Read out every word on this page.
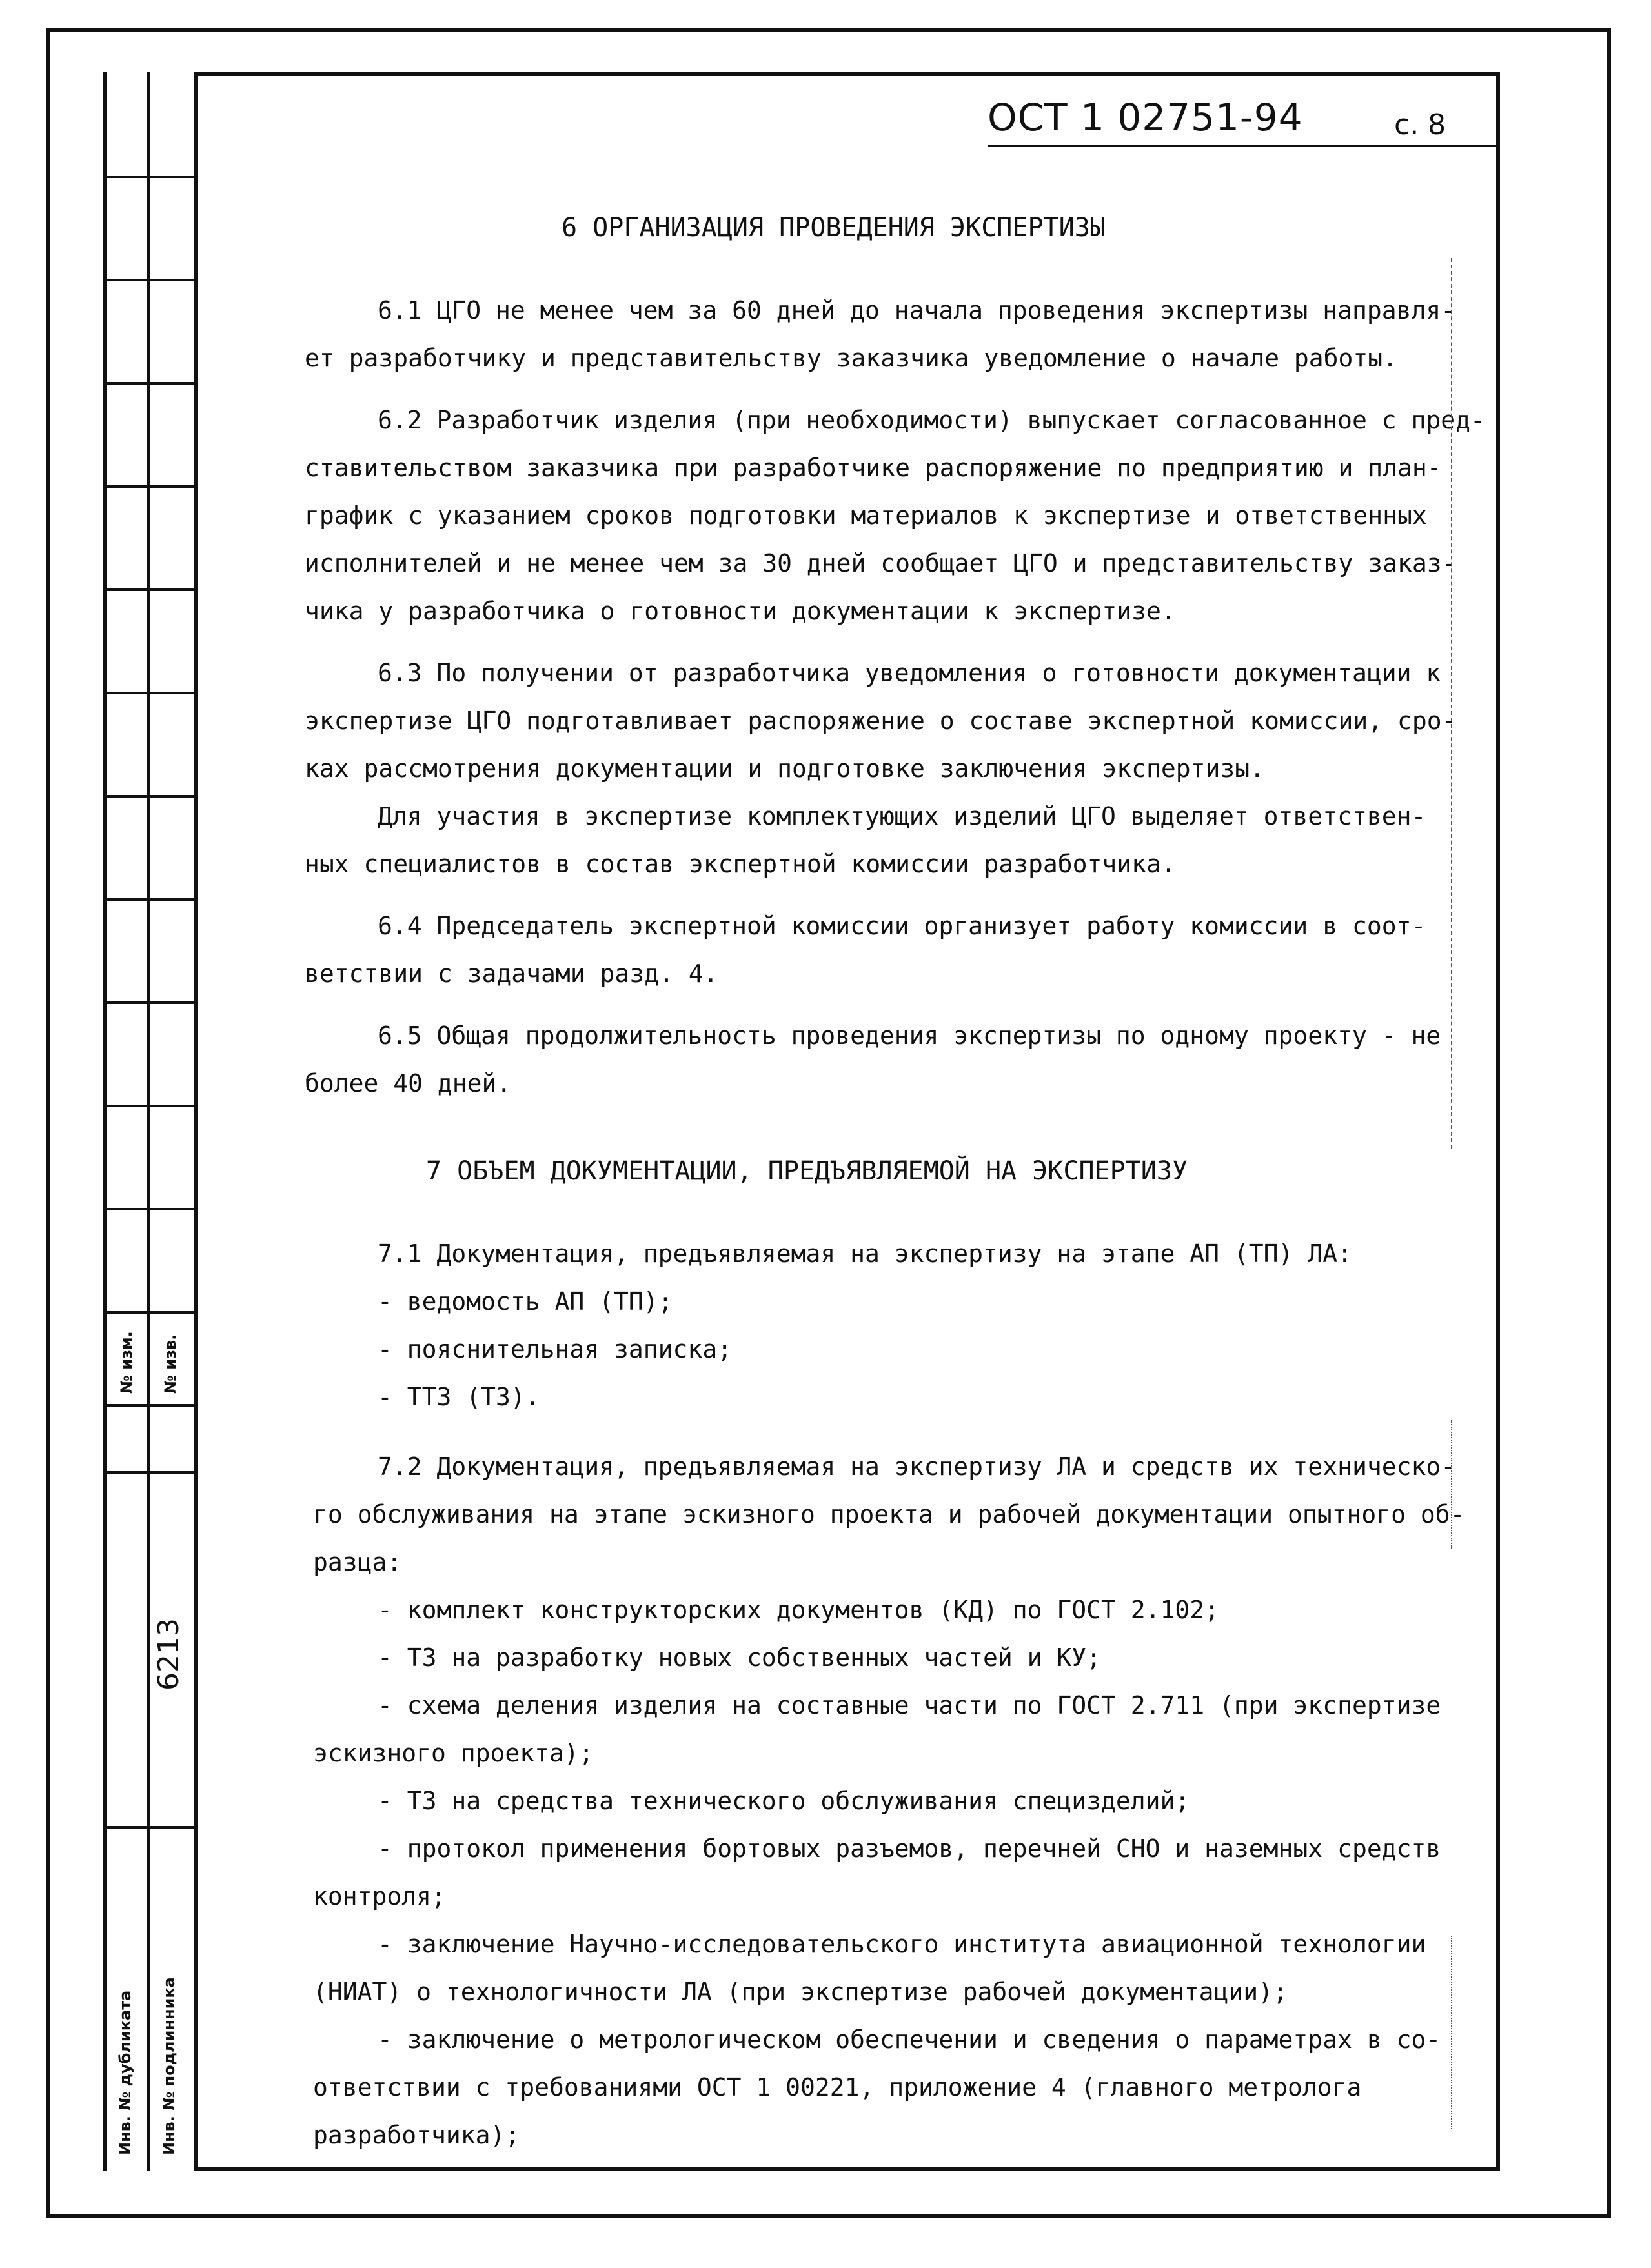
№ изм. № изв.
Инв. № дубликата Инв. № подлинника
6213
ОСТ 1 02751-94	с. 8
6 ОРГАНИЗАЦИЯ ПРОВЕДЕНИЯ ЭКСПЕРТИЗЫ
6.1 ЦГО не менее чем за 60 дней до начала проведения экспертизы направля-
ет разработчику и представительству заказчика уведомление о начале работы.
6.2 Разработчик изделия (при необходимости) выпускает согласованное с пред-
ставительством заказчика при разработчике распоряжение по предприятию и план-
график с указанием сроков подготовки материалов к экспертизе и ответственных
исполнителей и не менее чем за 30 дней сообщает ЦГО и представительству заказ-
чика у разработчика о готовности документации к экспертизе.
6.3 По получении от разработчика уведомления о готовности документации к
экспертизе ЦГО подготавливает распоряжение о составе экспертной комиссии, сро-
ках рассмотрения документации и подготовке заключения экспертизы.
Для участия в экспертизе комплектующих изделий ЦГО выделяет ответствен-
ных специалистов в состав экспертной комиссии разработчика.
6.4 Председатель экспертной комиссии организует работу комиссии в соот-
ветствии с задачами разд. 4.
6.5 Общая продолжительность проведения экспертизы по одному проекту - не
более 40 дней.
7 ОБЪЕМ ДОКУМЕНТАЦИИ, ПРЕДЪЯВЛЯЕМОЙ НА ЭКСПЕРТИЗУ
7.1 Документация, предъявляемая на экспертизу на этапе АП (ТП) ЛА:
- ведомость АП (ТП);
- пояснительная записка;
- ТТЗ (ТЗ).
7.2 Документация, предъявляемая на экспертизу ЛА и средств их техническо-
го обслуживания на этапе эскизного проекта и рабочей документации опытного об-
разца:
- комплект конструкторских документов (КД) по ГОСТ 2.102;
- ТЗ на разработку новых собственных частей и КУ;
- схема деления изделия на составные части по ГОСТ 2.711 (при экспертизе
эскизного проекта);
- ТЗ на средства технического обслуживания специзделий;
- протокол применения бортовых разъемов, перечней СНО и наземных средств
контроля;
- заключение Научно-исследовательского института авиационной технологии
(НИАТ) о технологичности ЛА (при экспертизе рабочей документации);
- заключение о метрологическом обеспечении и сведения о параметрах в со-
ответствии с требованиями ОСТ 1 00221, приложение 4 (главного метролога
разработчика);
